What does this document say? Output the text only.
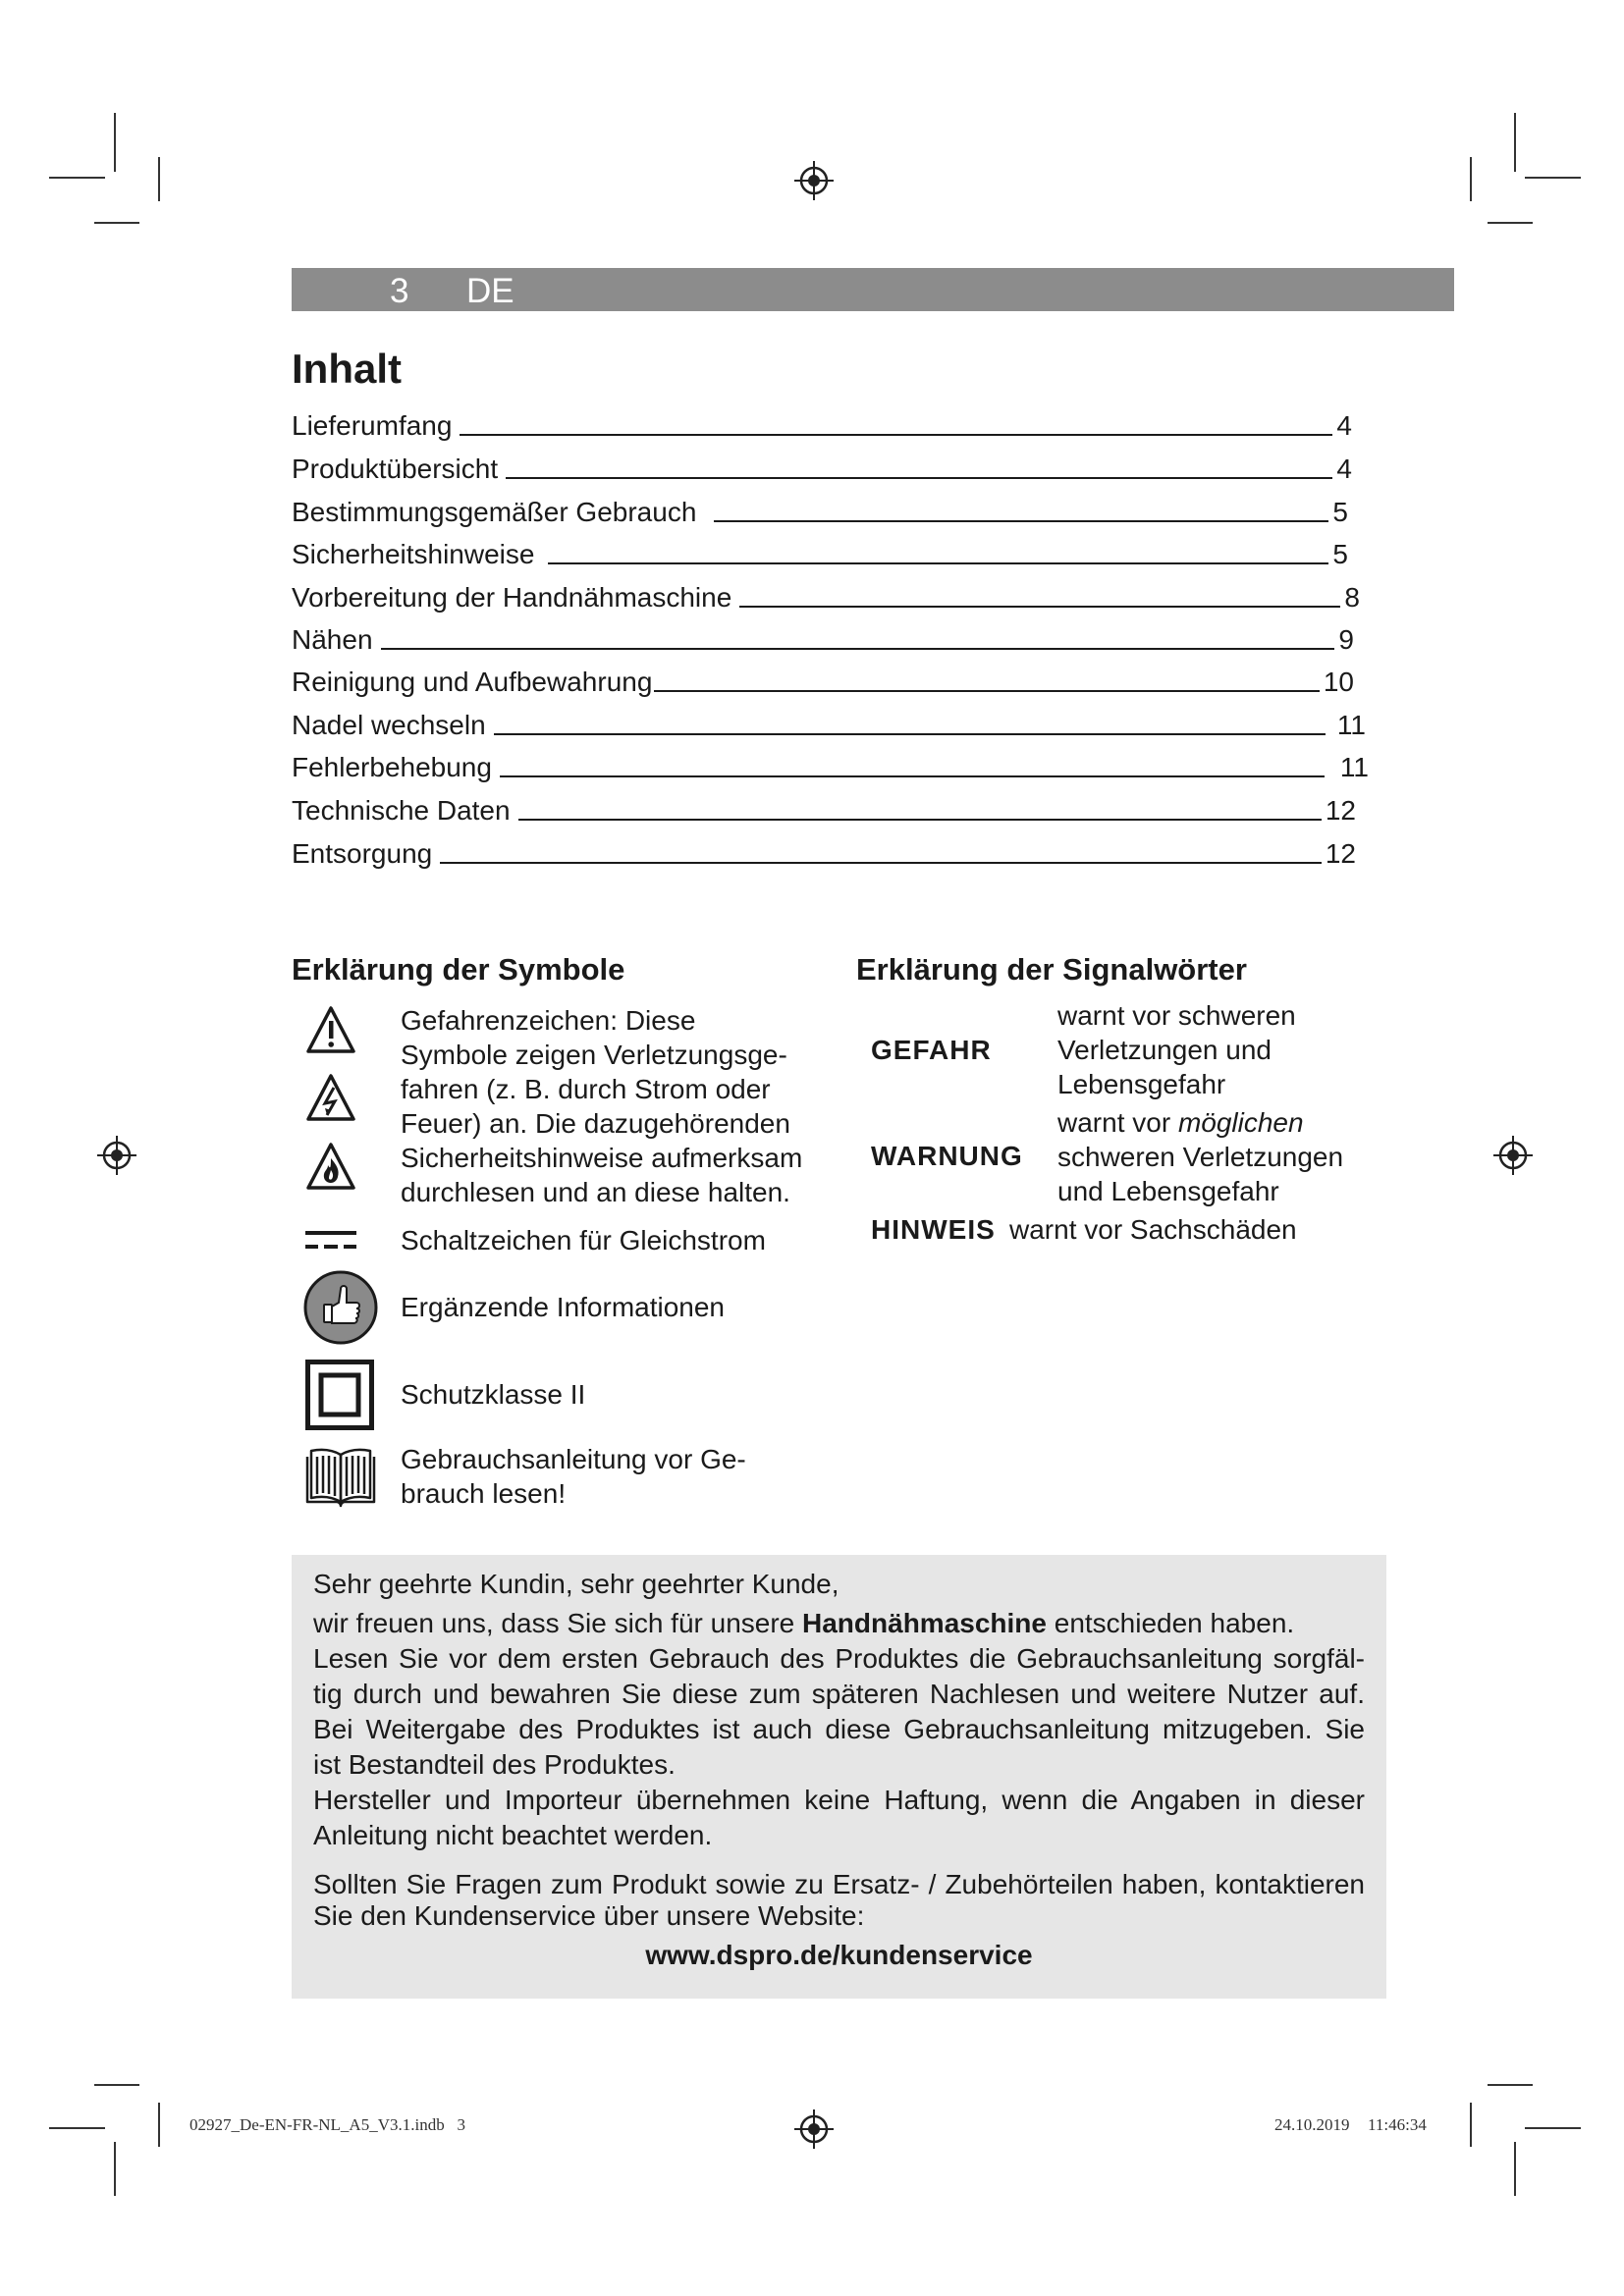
3 DE
Inhalt
Lieferumfang	4
Produktübersicht	4
Bestimmungsgemäßer Gebrauch	5
Sicherheitshinweise	5
Vorbereitung der Handnähmaschine	8
Nähen	9
Reinigung und Aufbewahrung	10
Nadel wechseln	11
Fehlerbehebung	11
Technische Daten	12
Entsorgung	12
Erklärung der Symbole
Gefahrenzeichen: Diese
Symbole zeigen Verletzungsge-
fahren (z. B. durch Strom oder
Feuer) an. Die dazugehörenden
Sicherheitshinweise aufmerksam
durchlesen und an diese halten.
Schaltzeichen für Gleichstrom
Ergänzende Informationen
Schutzklasse II
Gebrauchsanleitung vor Ge-
brauch lesen!
Erklärung der Signalwörter
GEFAHR
warnt vor schweren
Verletzungen und
Lebensgefahr
WARNUNG
warnt vor möglichen
schweren Verletzungen
und Lebensgefahr
HINWEIS warnt vor Sachschäden
Sehr geehrte Kundin, sehr geehrter Kunde,
wir freuen uns, dass Sie sich für unsere Handnähmaschine entschieden haben.
Lesen Sie vor dem ersten Gebrauch des Produktes die Gebrauchsanleitung sorgfäl-
tig durch und bewahren Sie diese zum späteren Nachlesen und weitere Nutzer auf.
Bei Weitergabe des Produktes ist auch diese Gebrauchsanleitung mitzugeben. Sie
ist Bestandteil des Produktes.
Hersteller und Importeur übernehmen keine Haftung, wenn die Angaben in dieser
Anleitung nicht beachtet werden.
Sollten Sie Fragen zum Produkt sowie zu Ersatz- / Zubehörteilen haben, kontaktieren
Sie den Kundenservice über unsere Website:
www.dspro.de/kundenservice
02927_De-EN-FR-NL_A5_V3.1.indb   3	24.10.2019 11:46:34
